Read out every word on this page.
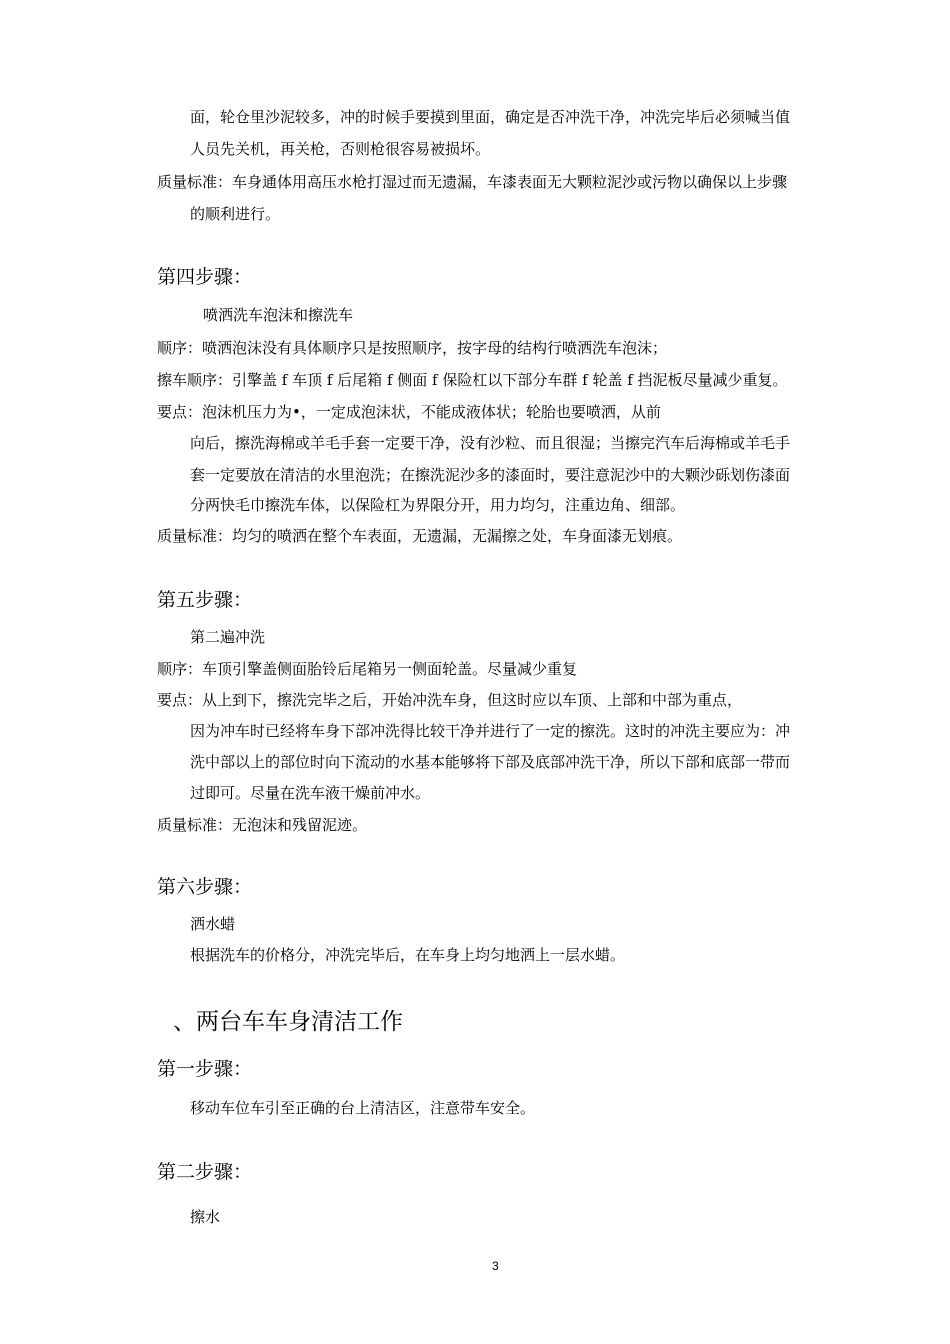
面，轮仓里沙泥较多，冲的时候手要摸到里面，确定是否冲洗干净，冲洗完毕后必须喊当值
人员先关机，再关枪，否则枪很容易被损坏。
质量标准：车身通体用高压水枪打湿过而无遗漏，车漆表面无大颗粒泥沙或污物以确保以上步骤
的顺利进行。
第四步骤：
喷洒洗车泡沫和擦洗车
顺序：喷洒泡沫没有具体顺序只是按照顺序，按字母的结构行喷洒洗车泡沫；
擦车顺序：引擎盖 f 车顶 f 后尾箱 f 侧面 f 保险杠以下部分车群 f 轮盖 f 挡泥板尽量减少重复。
要点：泡沫机压力为•，一定成泡沫状，不能成液体状；轮胎也要喷洒，从前
向后，擦洗海棉或羊毛手套一定要干净，没有沙粒、而且很湿；当擦完汽车后海棉或羊毛手
套一定要放在清洁的水里泡洗；在擦洗泥沙多的漆面时，要注意泥沙中的大颗沙砾划伤漆面
分两快毛巾擦洗车体，以保险杠为界限分开，用力均匀，注重边角、细部。
质量标准：均匀的喷洒在整个车表面，无遗漏，无漏擦之处，车身面漆无划痕。
第五步骤：
第二遍冲洗
顺序：车顶引擎盖侧面胎铃后尾箱另一侧面轮盖。尽量减少重复
要点：从上到下，擦洗完毕之后，开始冲洗车身，但这时应以车顶、上部和中部为重点，
因为冲车时已经将车身下部冲洗得比较干净并进行了一定的擦洗。这时的冲洗主要应为：冲
洗中部以上的部位时向下流动的水基本能够将下部及底部冲洗干净，所以下部和底部一带而
过即可。尽量在洗车液干燥前冲水。
质量标准：无泡沫和残留泥迹。
第六步骤：
洒水蜡
根据洗车的价格分，冲洗完毕后，在车身上均匀地洒上一层水蜡。
、两台车车身清洁工作
第一步骤：
移动车位车引至正确的台上清洁区，注意带车安全。
第二步骤：
擦水
3
